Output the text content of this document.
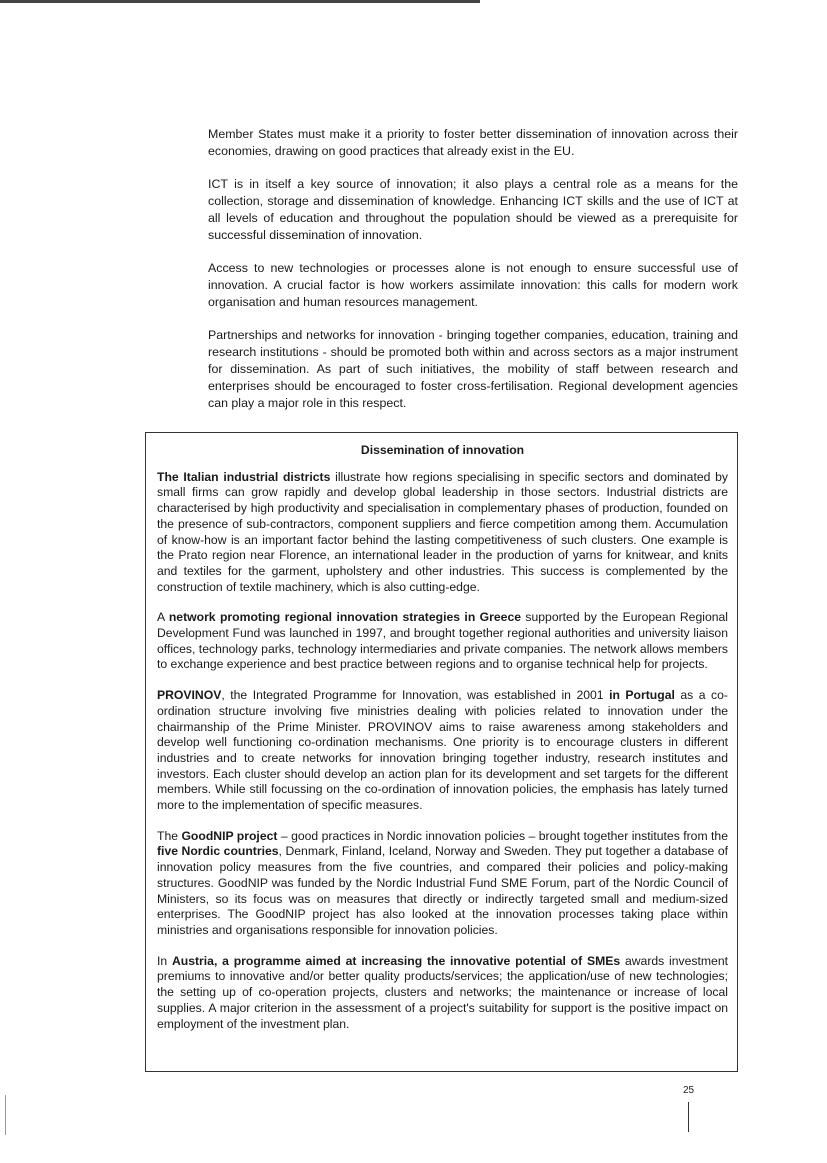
Member States must make it a priority to foster better dissemination of innovation across their economies, drawing on good practices that already exist in the EU.

ICT is in itself a key source of innovation; it also plays a central role as a means for the collection, storage and dissemination of knowledge. Enhancing ICT skills and the use of ICT at all levels of education and throughout the population should be viewed as a prerequisite for successful dissemination of innovation.

Access to new technologies or processes alone is not enough to ensure successful use of innovation. A crucial factor is how workers assimilate innovation: this calls for modern work organisation and human resources management.

Partnerships and networks for innovation - bringing together companies, education, training and research institutions - should be promoted both within and across sectors as a major instrument for dissemination. As part of such initiatives, the mobility of staff between research and enterprises should be encouraged to foster cross-fertilisation. Regional development agencies can play a major role in this respect.

Dissemination of innovation

The Italian industrial districts illustrate how regions specialising in specific sectors and dominated by small firms can grow rapidly and develop global leadership in those sectors. Industrial districts are characterised by high productivity and specialisation in complementary phases of production, founded on the presence of sub-contractors, component suppliers and fierce competition among them. Accumulation of know-how is an important factor behind the lasting competitiveness of such clusters. One example is the Prato region near Florence, an international leader in the production of yarns for knitwear, and knits and textiles for the garment, upholstery and other industries. This success is complemented by the construction of textile machinery, which is also cutting-edge.

A network promoting regional innovation strategies in Greece supported by the European Regional Development Fund was launched in 1997, and brought together regional authorities and university liaison offices, technology parks, technology intermediaries and private companies. The network allows members to exchange experience and best practice between regions and to organise technical help for projects.

PROVINOV, the Integrated Programme for Innovation, was established in 2001 in Portugal as a co-ordination structure involving five ministries dealing with policies related to innovation under the chairmanship of the Prime Minister. PROVINOV aims to raise awareness among stakeholders and develop well functioning co-ordination mechanisms. One priority is to encourage clusters in different industries and to create networks for innovation bringing together industry, research institutes and investors. Each cluster should develop an action plan for its development and set targets for the different members. While still focussing on the co-ordination of innovation policies, the emphasis has lately turned more to the implementation of specific measures.

The GoodNIP project – good practices in Nordic innovation policies – brought together institutes from the five Nordic countries, Denmark, Finland, Iceland, Norway and Sweden. They put together a database of innovation policy measures from the five countries, and compared their policies and policy-making structures. GoodNIP was funded by the Nordic Industrial Fund SME Forum, part of the Nordic Council of Ministers, so its focus was on measures that directly or indirectly targeted small and medium-sized enterprises. The GoodNIP project has also looked at the innovation processes taking place within ministries and organisations responsible for innovation policies.

In Austria, a programme aimed at increasing the innovative potential of SMEs awards investment premiums to innovative and/or better quality products/services; the application/use of new technologies; the setting up of co-operation projects, clusters and networks; the maintenance or increase of local supplies. A major criterion in the assessment of a project's suitability for support is the positive impact on employment of the investment plan.

25
